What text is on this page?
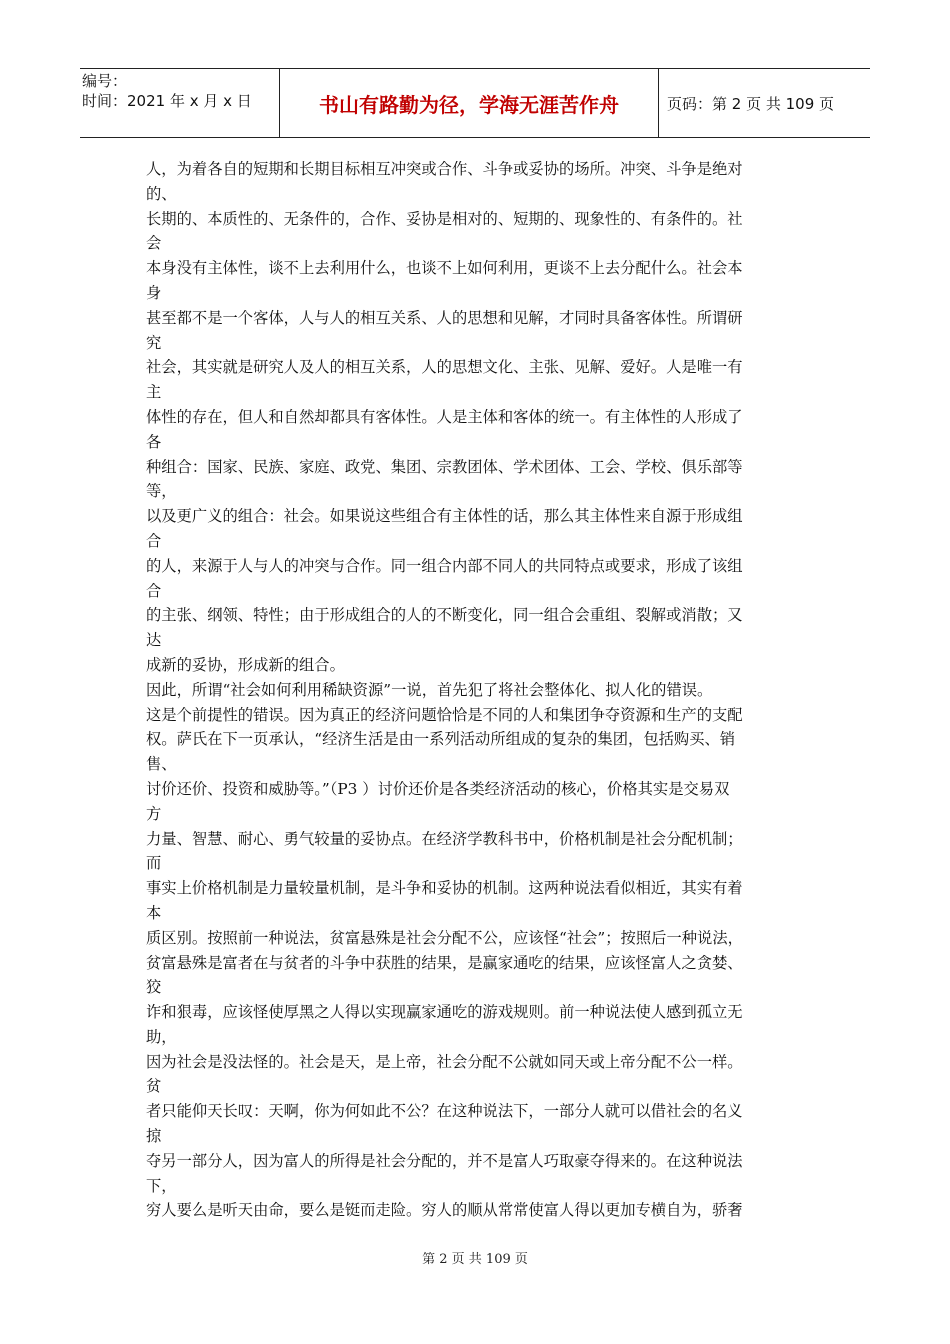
编号：
时间：2021 年 x 月 x 日	书山有路勤为径，学海无涯苦作舟	页码：第 2 页 共 109 页
人，为着各自的短期和长期目标相互冲突或合作、斗争或妥协的场所。冲突、斗争是绝对
的、
长期的、本质性的、无条件的，合作、妥协是相对的、短期的、现象性的、有条件的。社
会
本身没有主体性，谈不上去利用什么，也谈不上如何利用，更谈不上去分配什么。社会本
身
甚至都不是一个客体，人与人的相互关系、人的思想和见解，才同时具备客体性。所谓研
究
社会，其实就是研究人及人的相互关系，人的思想文化、主张、见解、爱好。人是唯一有
主
体性的存在，但人和自然却都具有客体性。人是主体和客体的统一。有主体性的人形成了
各
种组合：国家、民族、家庭、政党、集团、宗教团体、学术团体、工会、学校、俱乐部等
等，
以及更广义的组合：社会。如果说这些组合有主体性的话，那么其主体性来自源于形成组
合
的人，来源于人与人的冲突与合作。同一组合内部不同人的共同特点或要求，形成了该组
合
的主张、纲领、特性；由于形成组合的人的不断变化，同一组合会重组、裂解或消散；又
达
成新的妥协，形成新的组合。
因此，所谓“社会如何利用稀缺资源”一说，首先犯了将社会整体化、拟人化的错误。
这是个前提性的错误。因为真正的经济问题恰恰是不同的人和集团争夺资源和生产的支配
权。萨氏在下一页承认，“经济生活是由一系列活动所组成的复杂的集团，包括购买、销
售、
讨价还价、投资和威胁等。”（P3 ）讨价还价是各类经济活动的核心，价格其实是交易双
方
力量、智慧、耐心、勇气较量的妥协点。在经济学教科书中，价格机制是社会分配机制；
而
事实上价格机制是力量较量机制，是斗争和妥协的机制。这两种说法看似相近，其实有着
本
质区别。按照前一种说法，贫富悬殊是社会分配不公，应该怪“社会”；按照后一种说法，
贫富悬殊是富者在与贫者的斗争中获胜的结果，是赢家通吃的结果，应该怪富人之贪婪、
狡
诈和狠毒，应该怪使厚黑之人得以实现赢家通吃的游戏规则。前一种说法使人感到孤立无
助，
因为社会是没法怪的。社会是天，是上帝，社会分配不公就如同天或上帝分配不公一样。
贫
者只能仰天长叹：天啊，你为何如此不公？在这种说法下，一部分人就可以借社会的名义
掠
夺另一部分人，因为富人的所得是社会分配的，并不是富人巧取豪夺得来的。在这种说法
下，
穷人要么是听天由命，要么是铤而走险。穷人的顺从常常使富人得以更加专横自为，骄奢
第 2 页 共 109 页
